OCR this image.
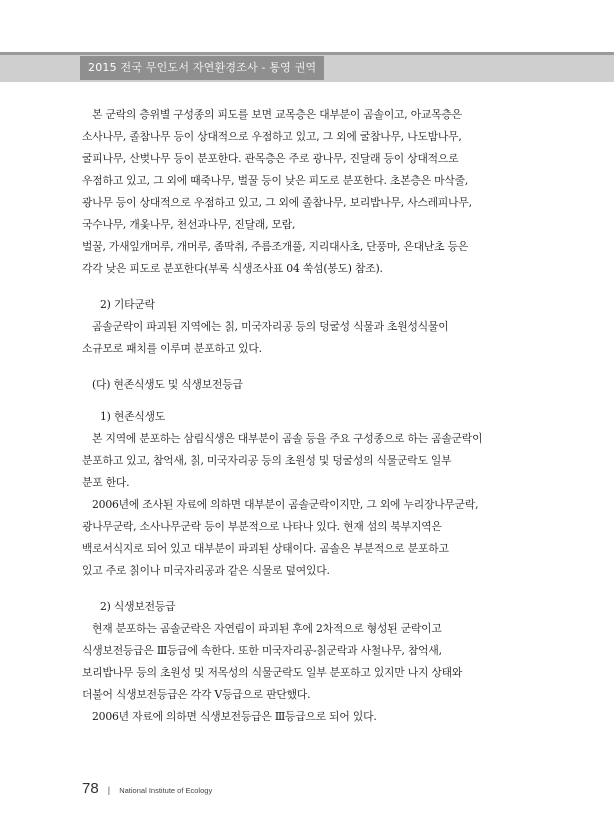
2015 전국 무인도서 자연환경조사 - 통영 권역

본 군락의 층위별 구성종의 피도를 보면 교목층은 대부분이 곰솔이고, 아교목층은

소사나무, 졸참나무 등이 상대적으로 우점하고 있고, 그 외에 굴참나무, 나도밤나무,

굴피나무, 산벚나무 등이 분포한다. 관목층은 주로 광나무, 진달래 등이 상대적으로

우점하고 있고, 그 외에 때죽나무, 벌꿀 등이 낮은 피도로 분포한다. 초본층은 마삭줄,

광나무 등이 상대적으로 우점하고 있고, 그 외에 졸참나무, 보리밥나무, 사스레피나무,

국수나무, 개옻나무, 천선과나무, 진달래, 모람,

벌꿀, 가새잎개머루, 개머루, 좀딱취, 주름조개풀, 지리대사초, 단풍마, 은대난초 등은

각각 낮은 피도로 분포한다(부록 식생조사표 04 쑥섬(봉도) 참조).

2) 기타군락

곰솔군락이 파괴된 지역에는 칡, 미국자리공 등의 덩굴성 식물과 초원성식물이

소규모로 패치를 이루며 분포하고 있다.

(다) 현존식생도 및 식생보전등급

1) 현존식생도

본 지역에 분포하는 삼림식생은 대부분이 곰솔 등을 주요 구성종으로 하는 곰솔군락이

분포하고 있고, 참억새, 칡, 미국자리공 등의 초원성 및 덩굴성의 식물군락도 일부

분포 한다.

2006년에 조사된 자료에 의하면 대부분이 곰솔군락이지만, 그 외에 누리장나무군락,

광나무군락, 소사나무군락 등이 부분적으로 나타나 있다. 현재 섬의 북부지역은

백로서식지로 되어 있고 대부분이 파괴된 상태이다. 곰솔은 부분적으로 분포하고

있고 주로 칡이나 미국자리공과 같은 식물로 덮여있다.

2) 식생보전등급

현재 분포하는 곰솔군락은 자연림이 파괴된 후에 2차적으로 형성된 군락이고

식생보전등급은 Ⅲ등급에 속한다. 또한 미국자리공-칡군락과 사철나무, 참억새,

보리밥나무 등의 초원성 및 저목성의 식물군락도 일부 분포하고 있지만 나지 상태와

더불어 식생보전등급은 각각 Ⅴ등급으로 판단했다.

2006년 자료에 의하면 식생보전등급은 Ⅲ등급으로 되어 있다.

78 | National Institute of Ecology
